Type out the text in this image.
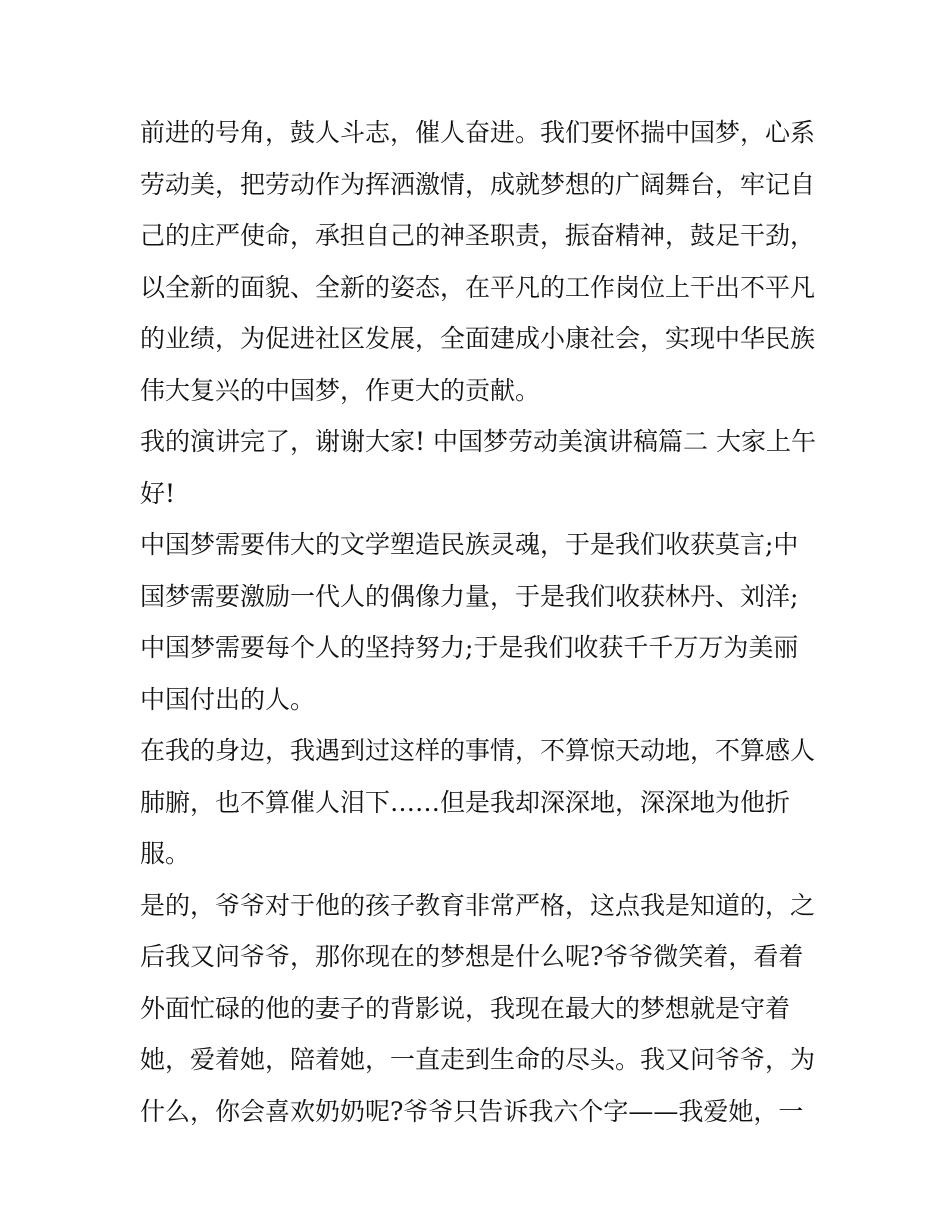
前进的号角，鼓人斗志，催人奋进。我们要怀揣中国梦，心系
劳动美，把劳动作为挥洒激情，成就梦想的广阔舞台，牢记自
己的庄严使命，承担自己的神圣职责，振奋精神，鼓足干劲，
以全新的面貌、全新的姿态，在平凡的工作岗位上干出不平凡
的业绩，为促进社区发展，全面建成小康社会，实现中华民族
伟大复兴的中国梦，作更大的贡献。
我的演讲完了，谢谢大家! 中国梦劳动美演讲稿篇二 大家上午
好!
中国梦需要伟大的文学塑造民族灵魂，于是我们收获莫言;中
国梦需要激励一代人的偶像力量，于是我们收获林丹、刘洋;
中国梦需要每个人的坚持努力;于是我们收获千千万万为美丽
中国付出的人。
在我的身边，我遇到过这样的事情，不算惊天动地，不算感人
肺腑，也不算催人泪下……但是我却深深地，深深地为他折
服。
是的，爷爷对于他的孩子教育非常严格，这点我是知道的，之
后我又问爷爷，那你现在的梦想是什么呢?爷爷微笑着，看着
外面忙碌的他的妻子的背影说，我现在最大的梦想就是守着
她，爱着她，陪着她，一直走到生命的尽头。我又问爷爷，为
什么，你会喜欢奶奶呢?爷爷只告诉我六个字——我爱她，一
